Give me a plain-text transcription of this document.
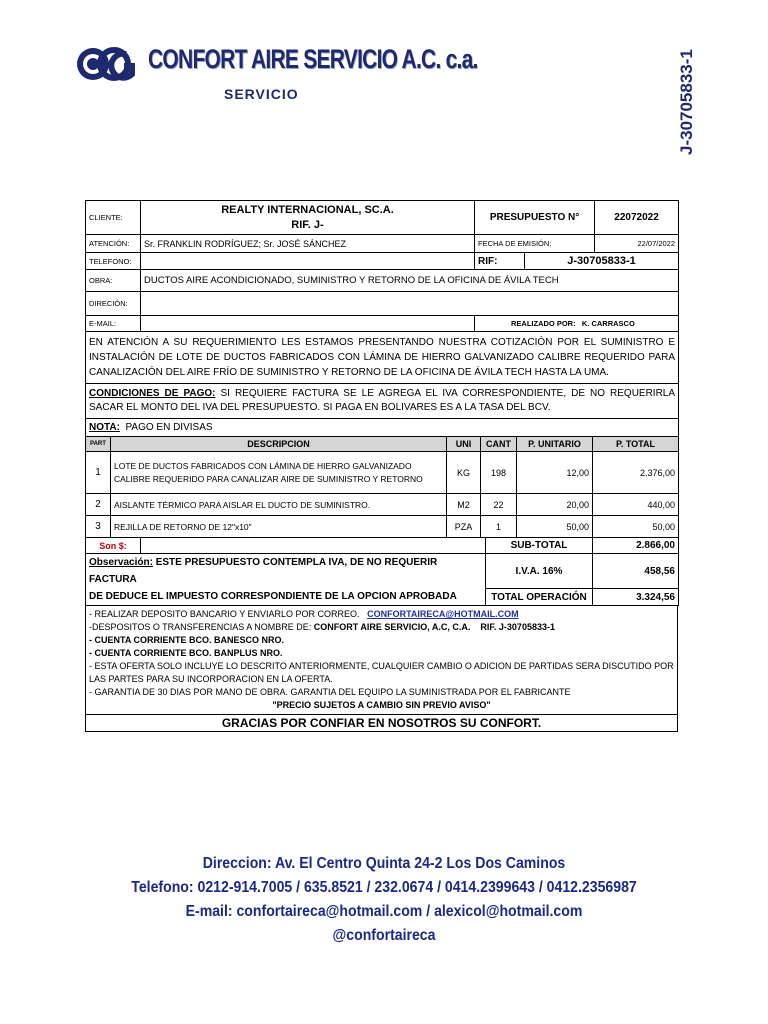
CONFORT AIRE SERVICIO A.C. c.a.
SERVICIO	J-30705833-1
CLIENTE:	REALTY INTERNACIONAL, SC.A.
RIF. J-	PRESUPUESTO N°		22072022
ATENCIÓN:	Sr. FRANKLIN RODRÍGUEZ; Sr. JOSÉ SÁNCHEZ	FECHA DE EMISIÓN:		22/07/2022
TELEFONO:		RIF:	J-30705833-1	
OBRA:	DUCTOS AIRE ACONDICIONADO, SUMINISTRO Y RETORNO DE LA OFICINA DE ÁVILA TECH			
DIRECIÓN:				
E-MAIL:		REALIZADO POR: K. CARRASCO		
EN ATENCIÓN A SU REQUERIMIENTO LES ESTAMOS PRESENTANDO NUESTRA COTIZACIÓN POR EL SUMINISTRO E INSTALACIÓN DE LOTE DE DUCTOS FABRICADOS CON LÁMINA DE HIERRO GALVANIZADO CALIBRE REQUERIDO PARA CANALIZACIÓN DEL AIRE FRÍO DE SUMINISTRO Y RETORNO DE LA OFICINA DE ÁVILA TECH HASTA LA UMA.				
CONDICIONES DE PAGO: SI REQUIERE FACTURA SE LE AGREGA EL IVA CORRESPONDIENTE, DE NO REQUERIRLA SACAR EL MONTO DEL IVA DEL PRESUPUESTO. SI PAGA EN BOLIVARES ES A LA TASA DEL BCV.				
NOTA: PAGO EN DIVISAS				
PART	DESCRIPCION	UNI	CANT	P. UNITARIO	P. TOTAL
1	LOTE DE DUCTOS FABRICADOS CON LÁMINA DE HIERRO GALVANIZADO CALIBRE REQUERIDO PARA CANALIZAR AIRE DE SUMINISTRO Y RETORNO	KG	198	12,00	2.376,00
2	AISLANTE TÉRMICO PARA AISLAR EL DUCTO DE SUMINISTRO.	M2	22	20,00	440,00
3	REJILLA DE RETORNO DE 12"x10"	PZA	1	50,00	50,00
Son $:		SUB-TOTAL	2.866,00
Observación: ESTE PRESUPUESTO CONTEMPLA IVA, DE NO REQUERIR FACTURA
DE DEDUCE EL IMPUESTO CORRESPONDIENTE DE LA OPCION APROBADA		I.V.A. 16%	458,56
		TOTAL OPERACIÓN	3.324,56
- REALIZAR DEPOSITO BANCARIO Y ENVIARLO POR CORREO. CONFORTAIRECA@HOTMAIL.COM
-DESPOSITOS O TRANSFERENCIAS A NOMBRE DE: CONFORT AIRE SERVICIO, A.C, C.A. RIF. J-30705833-1
- CUENTA CORRIENTE BCO. BANESCO NRO.
- CUENTA CORRIENTE BCO. BANPLUS NRO.
- ESTA OFERTA SOLO INCLUYE LO DESCRITO ANTERIORMENTE, CUALQUIER CAMBIO O ADICION DE PARTIDAS SERA DISCUTIDO POR LAS PARTES PARA SU INCORPORACION EN LA OFERTA.
- GARANTIA DE 30 DIAS POR MANO DE OBRA. GARANTIA DEL EQUIPO LA SUMINISTRADA POR EL FABRICANTE
"PRECIO SUJETOS A CAMBIO SIN PREVIO AVISO"

GRACIAS POR CONFIAR EN NOSOTROS SU CONFORT.
Direccion: Av. El Centro Quinta 24-2 Los Dos Caminos
Telefono: 0212-914.7005 / 635.8521 / 232.0674 / 0414.2399643 / 0412.2356987
E-mail: confortaireca@hotmail.com / alexicol@hotmail.com
@confortaireca
